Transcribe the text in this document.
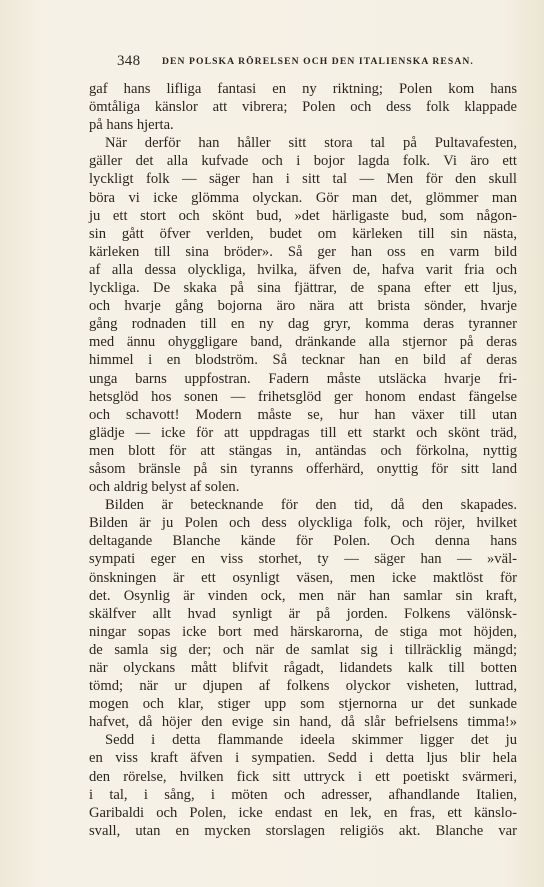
348 DEN POLSKA RÖRELSEN OCH DEN ITALIENSKA RESAN.
gaf hans lifliga fantasi en ny riktning; Polen kom hans
ömtåliga känslor att vibrera; Polen och dess folk klappade
på hans hjerta.
När derför han håller sitt stora tal på Pultavafesten,
gäller det alla kufvade och i bojor lagda folk. Vi äro ett
lyckligt folk — säger han i sitt tal — Men för den skull
böra vi icke glömma olyckan. Gör man det, glömmer man
ju ett stort och skönt bud, »det härligaste bud, som någon-
sin gått öfver verlden, budet om kärleken till sin nästa,
kärleken till sina bröder». Så ger han oss en varm bild
af alla dessa olyckliga, hvilka, äfven de, hafva varit fria och
lyckliga. De skaka på sina fjättrar, de spana efter ett ljus,
och hvarje gång bojorna äro nära att brista sönder, hvarje
gång rodnaden till en ny dag gryr, komma deras tyranner
med ännu ohyggligare band, dränkande alla stjernor på deras
himmel i en blodström. Så tecknar han en bild af deras
unga barns uppfostran. Fadern måste utsläcka hvarje fri-
hetsglöd hos sonen — frihetsglöd ger honom endast fängelse
och schavott! Modern måste se, hur han växer till utan
glädje — icke för att uppdragas till ett starkt och skönt träd,
men blott för att stängas in, antändas och förkolna, nyttig
såsom bränsle på sin tyranns offerhärd, onyttig för sitt land
och aldrig belyst af solen.
Bilden är betecknande för den tid, då den skapades.
Bilden är ju Polen och dess olyckliga folk, och röjer, hvilket
deltagande Blanche kände för Polen. Och denna hans
sympati eger en viss storhet, ty — säger han — »väl-
önskningen är ett osynligt väsen, men icke maktlöst för
det. Osynlig är vinden ock, men när han samlar sin kraft,
skälfver allt hvad synligt är på jorden. Folkens välönsk-
ningar sopas icke bort med härskarorna, de stiga mot höjden,
de samla sig der; och när de samlat sig i tillräcklig mängd;
när olyckans mått blifvit rågadt, lidandets kalk till botten
tömd; när ur djupen af folkens olyckor visheten, luttrad,
mogen och klar, stiger upp som stjernorna ur det sunkade
hafvet, då höjer den evige sin hand, då slår befrielsens timma!»
Sedd i detta flammande ideela skimmer ligger det ju
en viss kraft äfven i sympatien. Sedd i detta ljus blir hela
den rörelse, hvilken fick sitt uttryck i ett poetiskt svärmeri,
i tal, i sång, i möten och adresser, afhandlande Italien,
Garibaldi och Polen, icke endast en lek, en fras, ett känslo-
svall, utan en mycken storslagen religiös akt. Blanche var
